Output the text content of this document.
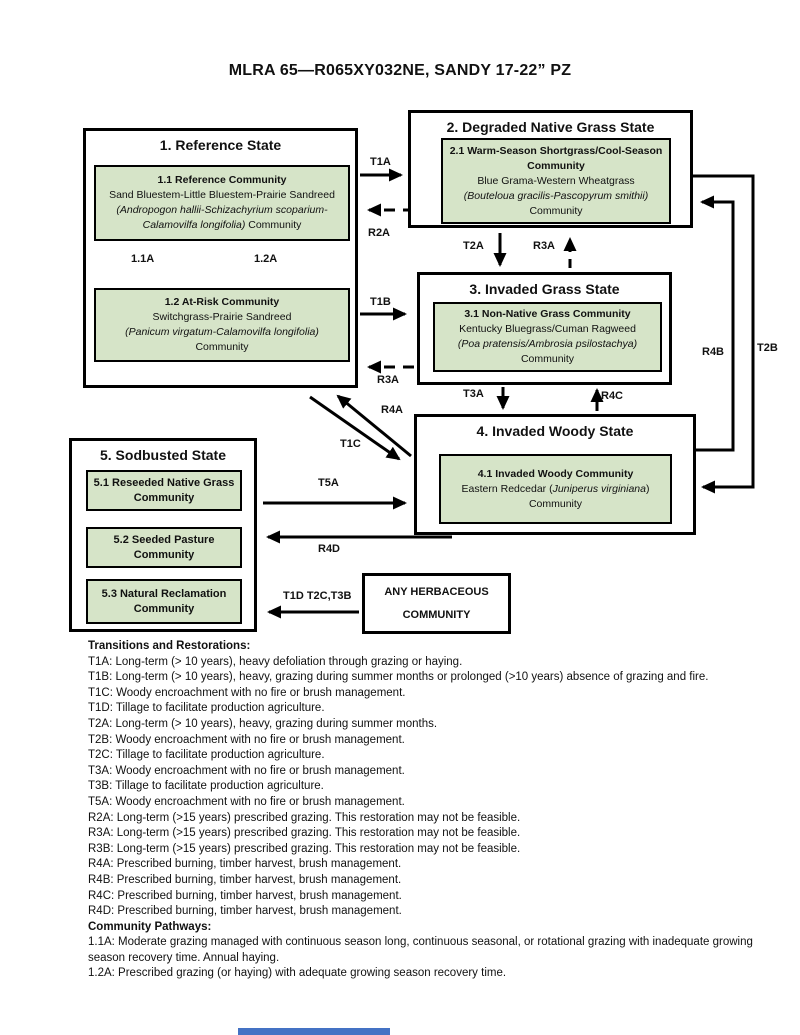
MLRA 65—R065XY032NE, SANDY 17-22” PZ
1. Reference State
1.1 Reference Community
Sand Bluestem-Little Bluestem-Prairie Sandreed
(Andropogon hallii-Schizachyrium scoparium-Calamovilfa longifolia) Community
1.2 At-Risk Community
Switchgrass-Prairie Sandreed
(Panicum virgatum-Calamovilfa longifolia)
Community
2. Degraded Native Grass State
2.1 Warm-Season Shortgrass/Cool-Season Community
Blue Grama-Western Wheatgrass
(Bouteloua gracilis-Pascopyrum smithii)
Community
3. Invaded Grass State
3.1 Non-Native Grass Community
Kentucky Bluegrass/Cuman Ragweed
(Poa pratensis/Ambrosia psilostachya)
Community
4. Invaded Woody State
4.1 Invaded Woody Community
Eastern Redcedar (Juniperus virginiana)
Community
5. Sodbusted State
5.1 Reseeded Native Grass Community
5.2 Seeded Pasture Community
5.3 Natural Reclamation Community
ANY HERBACEOUS
COMMUNITY
T1A
R2A
1.1A	1.2A
T1B
R3A
T2A	R3A
T3A	R4C
R4A
T1C
T2B
R4B
T5A
R4D
T1D T2C,T3B
Transitions and Restorations:
T1A: Long-term (> 10 years), heavy defoliation through grazing or haying.
T1B: Long-term (> 10 years), heavy, grazing during summer months or prolonged (>10 years) absence of grazing and fire.
T1C: Woody encroachment with no fire or brush management.
T1D: Tillage to facilitate production agriculture.
T2A: Long-term (> 10 years), heavy, grazing during summer months.
T2B: Woody encroachment with no fire or brush management.
T2C: Tillage to facilitate production agriculture.
T3A: Woody encroachment with no fire or brush management.
T3B: Tillage to facilitate production agriculture.
T5A: Woody encroachment with no fire or brush management.
R2A: Long-term (>15 years) prescribed grazing. This restoration may not be feasible.
R3A: Long-term (>15 years) prescribed grazing. This restoration may not be feasible.
R3B: Long-term (>15 years) prescribed grazing. This restoration may not be feasible.
R4A: Prescribed burning, timber harvest, brush management.
R4B: Prescribed burning, timber harvest, brush management.
R4C: Prescribed burning, timber harvest, brush management.
R4D: Prescribed burning, timber harvest, brush management.
Community Pathways:
1.1A: Moderate grazing managed with continuous season long, continuous seasonal, or rotational grazing with inadequate growing season recovery time. Annual haying.
1.2A: Prescribed grazing (or haying) with adequate growing season recovery time.
